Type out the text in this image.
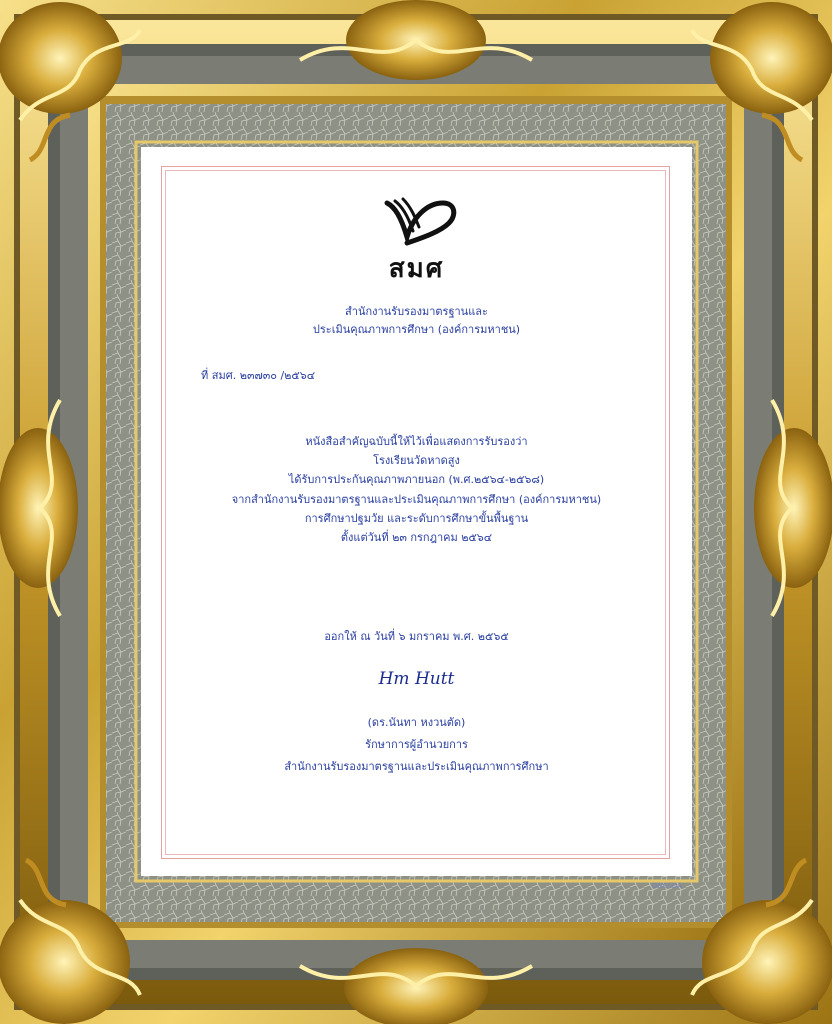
สมศ
สำนักงานรับรองมาตรฐานและ
ประเมินคุณภาพการศึกษา (องค์การมหาชน)
ที่ สมศ. ๒๓๗๓๐ /๒๕๖๔
หนังสือสำคัญฉบับนี้ให้ไว้เพื่อแสดงการรับรองว่า
โรงเรียนวัดหาดสูง
ได้รับการประกันคุณภาพภายนอก (พ.ศ.๒๕๖๔-๒๕๖๘)
จากสำนักงานรับรองมาตรฐานและประเมินคุณภาพการศึกษา (องค์การมหาชน)
การศึกษาปฐมวัย และระดับการศึกษาขั้นพื้นฐาน
ตั้งแต่วันที่ ๒๓ กรกฎาคม ๒๕๖๔
ออกให้ ณ วันที่ ๖ มกราคม พ.ศ. ๒๕๖๕
Hm Hutt
(ดร.นันทา หงวนตัด)
รักษาการผู้อำนวยการ
สำนักงานรับรองมาตรฐานและประเมินคุณภาพการศึกษา
ONESQA
